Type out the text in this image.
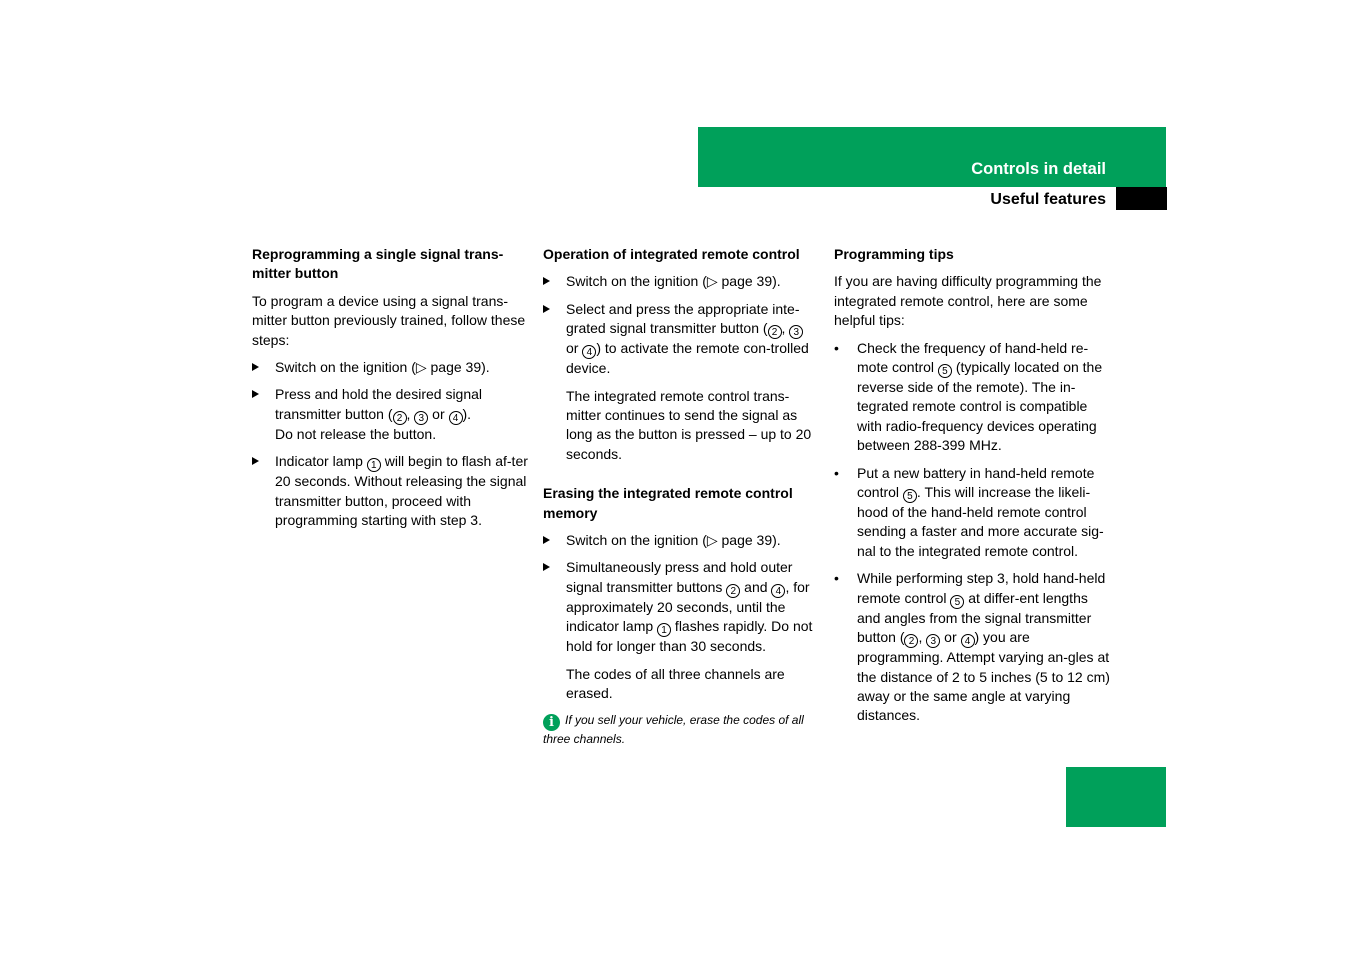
Controls in detail
Useful features
Reprogramming a single signal trans-
mitter button

To program a device using a signal trans-mitter button previously trained, follow these steps:

Switch on the ignition (▷ page 39).
Press and hold the desired signal transmitter button ( 2 , 3 or 4 ).
Do not release the button.
Indicator lamp 1 will begin to flash af-ter 20 seconds. Without releasing the signal transmitter button, proceed with programming starting with step 3.
Operation of integrated remote control
Switch on the ignition (▷ page 39).
Select and press the appropriate inte-grated signal transmitter button ( 2 , 3 or 4 ) to activate the remote con-trolled device.

The integrated remote control trans-mitter continues to send the signal as long as the button is pressed – up to 20 seconds.

Erasing the integrated remote control memory
Switch on the ignition (▷ page 39).
Simultaneously press and hold outer signal transmitter buttons 2 and 4 , for approximately 20 seconds, until the indicator lamp 1 flashes rapidly. Do not hold for longer than 30 seconds.

The codes of all three channels are erased.

i If you sell your vehicle, erase the codes of all three channels.
Programming tips

If you are having difficulty programming the integrated remote control, here are some helpful tips:

• Check the frequency of hand-held re-mote control 5 (typically located on the reverse side of the remote). The in-tegrated remote control is compatible with radio-frequency devices operating between 288-399 MHz.
• Put a new battery in hand-held remote control 5 . This will increase the likeli-hood of the hand-held remote control sending a faster and more accurate sig-nal to the integrated remote control.
• While performing step 3, hold hand-held remote control 5 at differ-ent lengths and angles from the signal transmitter button ( 2 , 3 or 4 ) you are programming. Attempt varying an-gles at the distance of 2 to 5 inches (5 to 12 cm) away or the same angle at varying distances.
255
